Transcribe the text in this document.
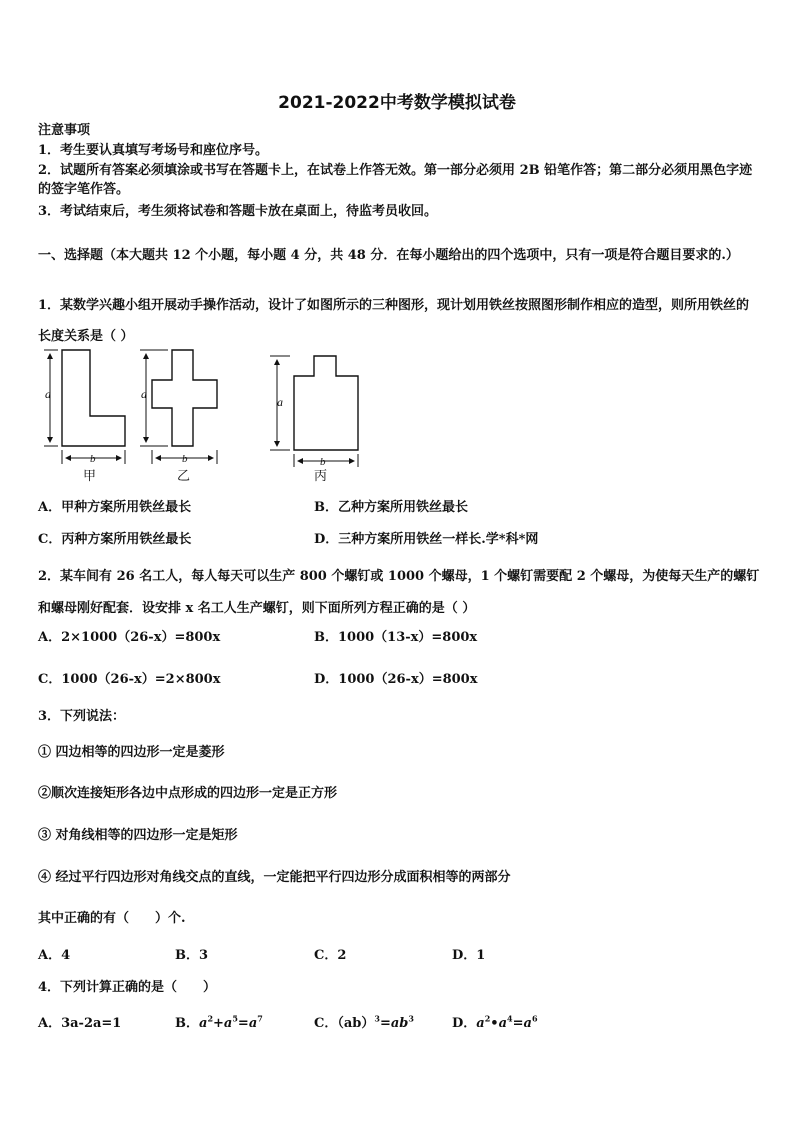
2021-2022中考数学模拟试卷
注意事项
1．考生要认真填写考场号和座位序号。
2．试题所有答案必须填涂或书写在答题卡上，在试卷上作答无效。第一部分必须用 2B 铅笔作答；第二部分必须用黑色字迹的签字笔作答。
3．考试结束后，考生须将试卷和答题卡放在桌面上，待监考员收回。
一、选择题（本大题共 12 个小题，每小题 4 分，共 48 分．在每小题给出的四个选项中，只有一项是符合题目要求的.）
1．某数学兴趣小组开展动手操作活动，设计了如图所示的三种图形，现计划用铁丝按照图形制作相应的造型，则所用铁丝的长度关系是（ ）
a
b
甲
a
b
乙
a
b
丙
A．甲种方案所用铁丝最长	B．乙种方案所用铁丝最长
C．丙种方案所用铁丝最长	D．三种方案所用铁丝一样长.学*科*网
2．某车间有 26 名工人，每人每天可以生产 800 个螺钉或 1000 个螺母，1 个螺钉需要配 2 个螺母，为使每天生产的螺钉和螺母刚好配套．设安排 x 名工人生产螺钉，则下面所列方程正确的是（ ）
A．2×1000（26-x）=800x	B．1000（13-x）=800x
C．1000（26-x）=2×800x	D．1000（26-x）=800x
3．下列说法：
① 四边相等的四边形一定是菱形
②顺次连接矩形各边中点形成的四边形一定是正方形
③ 对角线相等的四边形一定是矩形
④ 经过平行四边形对角线交点的直线，一定能把平行四边形分成面积相等的两部分
其中正确的有（　　）个.
A．4	B．3	C．2	D．1
4．下列计算正确的是（　　）
A．3a-2a=1	B．$a^2+a^5=a^7$	C．$(ab)^3=ab^3$	D．$a^2•a^4=a^6$
